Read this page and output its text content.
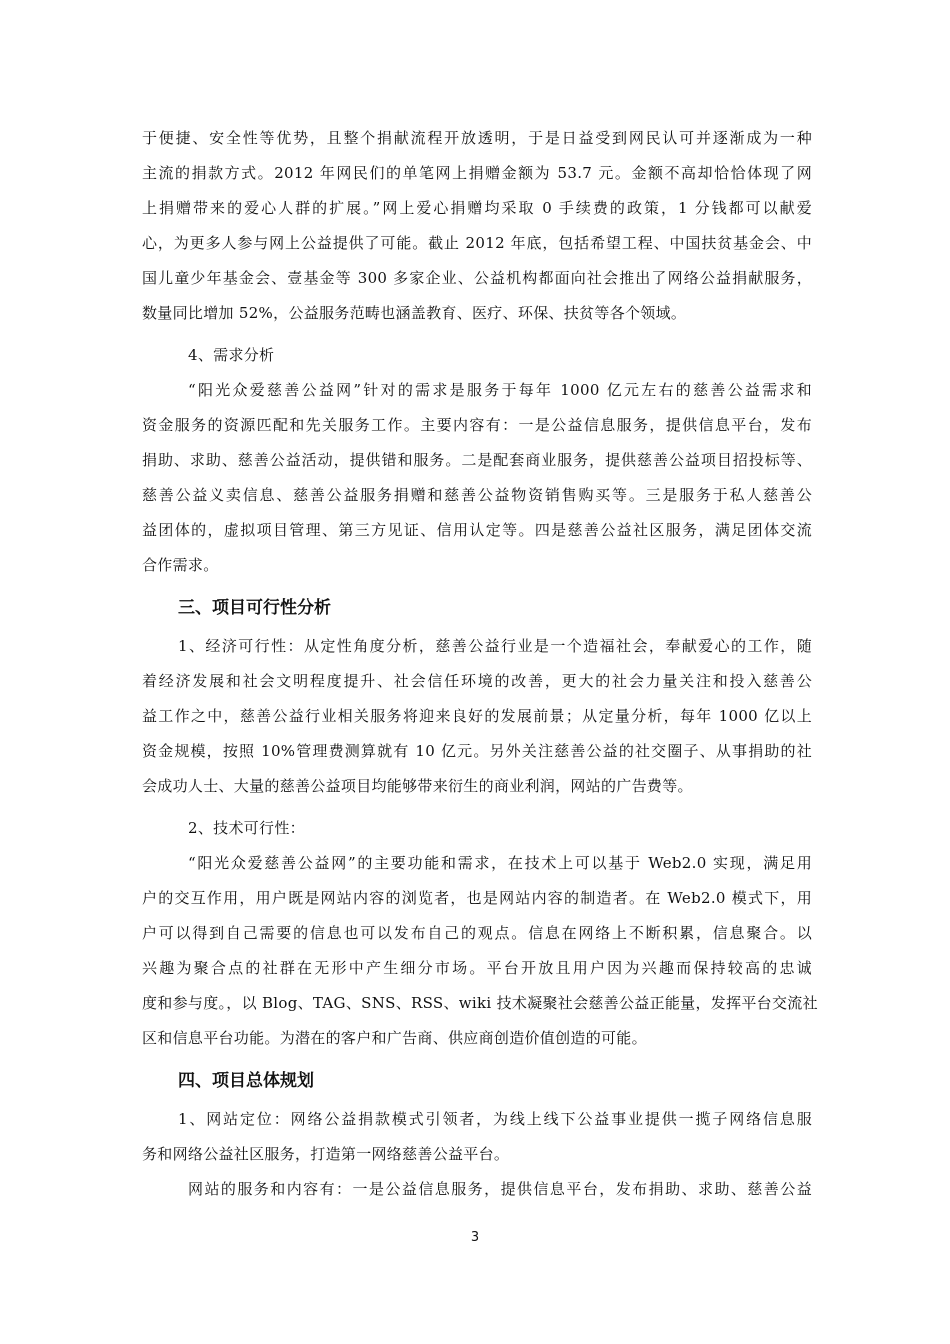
于便捷、安全性等优势，且整个捐献流程开放透明，于是日益受到网民认可并逐渐成为一种
主流的捐款方式。2012 年网民们的单笔网上捐赠金额为 53.7 元。金额不高却恰恰体现了网
上捐赠带来的爱心人群的扩展。”网上爱心捐赠均采取 0 手续费的政策，1 分钱都可以献爱
心，为更多人参与网上公益提供了可能。截止 2012 年底，包括希望工程、中国扶贫基金会、中
国儿童少年基金会、壹基金等 300 多家企业、公益机构都面向社会推出了网络公益捐献服务，
数量同比增加 52%，公益服务范畴也涵盖教育、医疗、环保、扶贫等各个领域。
4、需求分析
“阳光众爱慈善公益网”针对的需求是服务于每年 1000 亿元左右的慈善公益需求和
资金服务的资源匹配和先关服务工作。主要内容有：一是公益信息服务，提供信息平台，发布
捐助、求助、慈善公益活动，提供错和服务。二是配套商业服务，提供慈善公益项目招投标等、
慈善公益义卖信息、慈善公益服务捐赠和慈善公益物资销售购买等。三是服务于私人慈善公
益团体的，虚拟项目管理、第三方见证、信用认定等。四是慈善公益社区服务，满足团体交流
合作需求。
三、项目可行性分析
1、经济可行性：从定性角度分析，慈善公益行业是一个造福社会，奉献爱心的工作，随
着经济发展和社会文明程度提升、社会信任环境的改善，更大的社会力量关注和投入慈善公
益工作之中，慈善公益行业相关服务将迎来良好的发展前景；从定量分析，每年 1000 亿以上
资金规模，按照 10%管理费测算就有 10 亿元。另外关注慈善公益的社交圈子、从事捐助的社
会成功人士、大量的慈善公益项目均能够带来衍生的商业利润，网站的广告费等。
2、技术可行性：
“阳光众爱慈善公益网”的主要功能和需求，在技术上可以基于 Web2.0 实现，满足用
户的交互作用，用户既是网站内容的浏览者，也是网站内容的制造者。在 Web2.0 模式下，用
户可以得到自己需要的信息也可以发布自己的观点。信息在网络上不断积累，信息聚合。以
兴趣为聚合点的社群在无形中产生细分市场。平台开放且用户因为兴趣而保持较高的忠诚
度和参与度。，以 Blog、TAG、SNS、RSS、wiki 技术凝聚社会慈善公益正能量，发挥平台交流社
区和信息平台功能。为潜在的客户和广告商、供应商创造价值创造的可能。
四、项目总体规划
1、网站定位：网络公益捐款模式引领者，为线上线下公益事业提供一揽子网络信息服
务和网络公益社区服务，打造第一网络慈善公益平台。
网站的服务和内容有：一是公益信息服务，提供信息平台，发布捐助、求助、慈善公益
3
